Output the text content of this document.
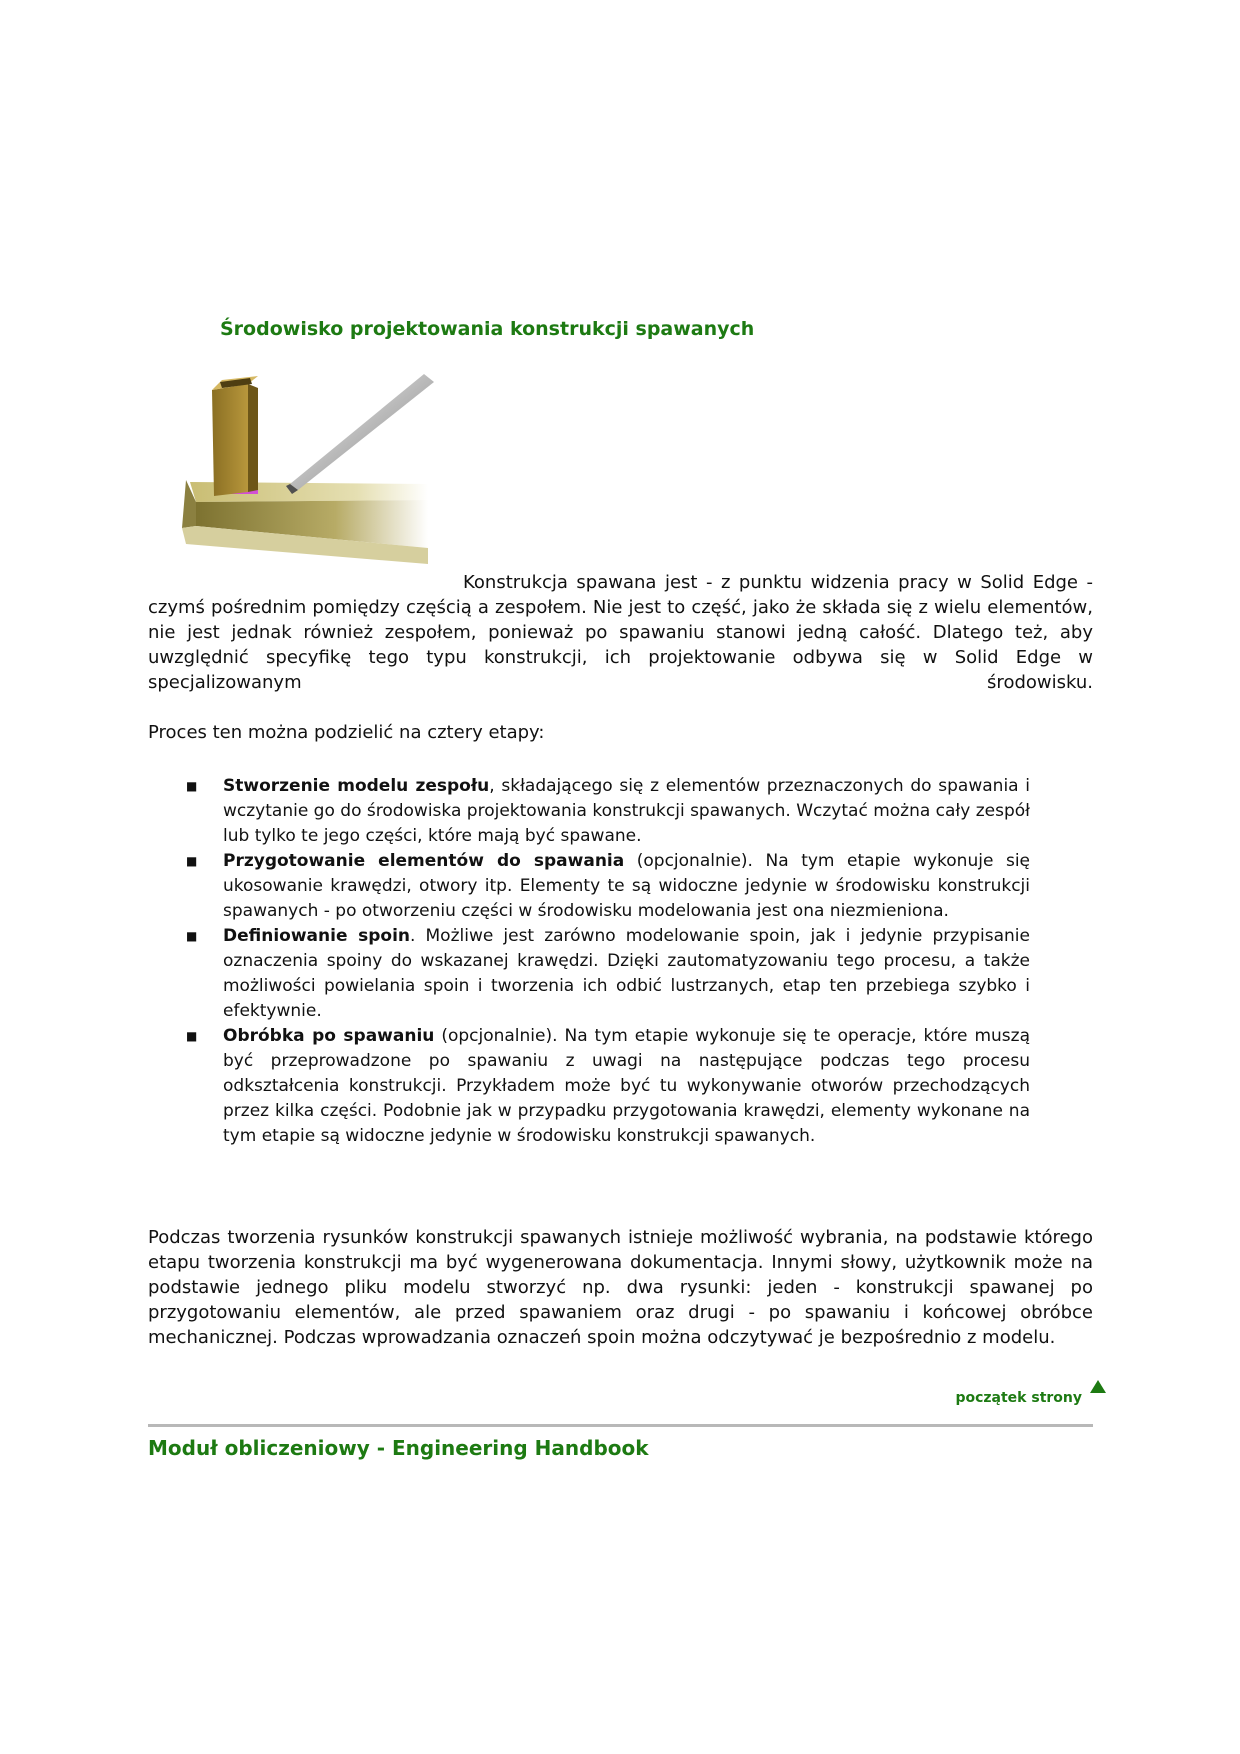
Środowisko projektowania konstrukcji spawanych

Konstrukcja spawana jest - z punktu widzenia pracy w Solid Edge - czymś pośrednim pomiędzy częścią a zespołem. Nie jest to część, jako że składa się z wielu elementów, nie jest jednak również zespołem, ponieważ po spawaniu stanowi jedną całość. Dlatego też, aby uwzględnić specyfikę tego typu konstrukcji, ich projektowanie odbywa się w Solid Edge w specjalizowanym środowisku.

Proces ten można podzielić na cztery etapy:

■ Stworzenie modelu zespołu, składającego się z elementów przeznaczonych do spawania i wczytanie go do środowiska projektowania konstrukcji spawanych. Wczytać można cały zespół lub tylko te jego części, które mają być spawane.
■ Przygotowanie elementów do spawania (opcjonalnie). Na tym etapie wykonuje się ukosowanie krawędzi, otwory itp. Elementy te są widoczne jedynie w środowisku konstrukcji spawanych - po otworzeniu części w środowisku modelowania jest ona niezmieniona.
■ Definiowanie spoin. Możliwe jest zarówno modelowanie spoin, jak i jedynie przypisanie oznaczenia spoiny do wskazanej krawędzi. Dzięki zautomatyzowaniu tego procesu, a także możliwości powielania spoin i tworzenia ich odbić lustrzanych, etap ten przebiega szybko i efektywnie.
■ Obróbka po spawaniu (opcjonalnie). Na tym etapie wykonuje się te operacje, które muszą być przeprowadzone po spawaniu z uwagi na następujące podczas tego procesu odkształcenia konstrukcji. Przykładem może być tu wykonywanie otworów przechodzących przez kilka części. Podobnie jak w przypadku przygotowania krawędzi, elementy wykonane na tym etapie są widoczne jedynie w środowisku konstrukcji spawanych.

Podczas tworzenia rysunków konstrukcji spawanych istnieje możliwość wybrania, na podstawie którego etapu tworzenia konstrukcji ma być wygenerowana dokumentacja. Innymi słowy, użytkownik może na podstawie jednego pliku modelu stworzyć np. dwa rysunki: jeden - konstrukcji spawanej po przygotowaniu elementów, ale przed spawaniem oraz drugi - po spawaniu i końcowej obróbce mechanicznej. Podczas wprowadzania oznaczeń spoin można odczytywać je bezpośrednio z modelu.

początek strony
Moduł obliczeniowy - Engineering Handbook
